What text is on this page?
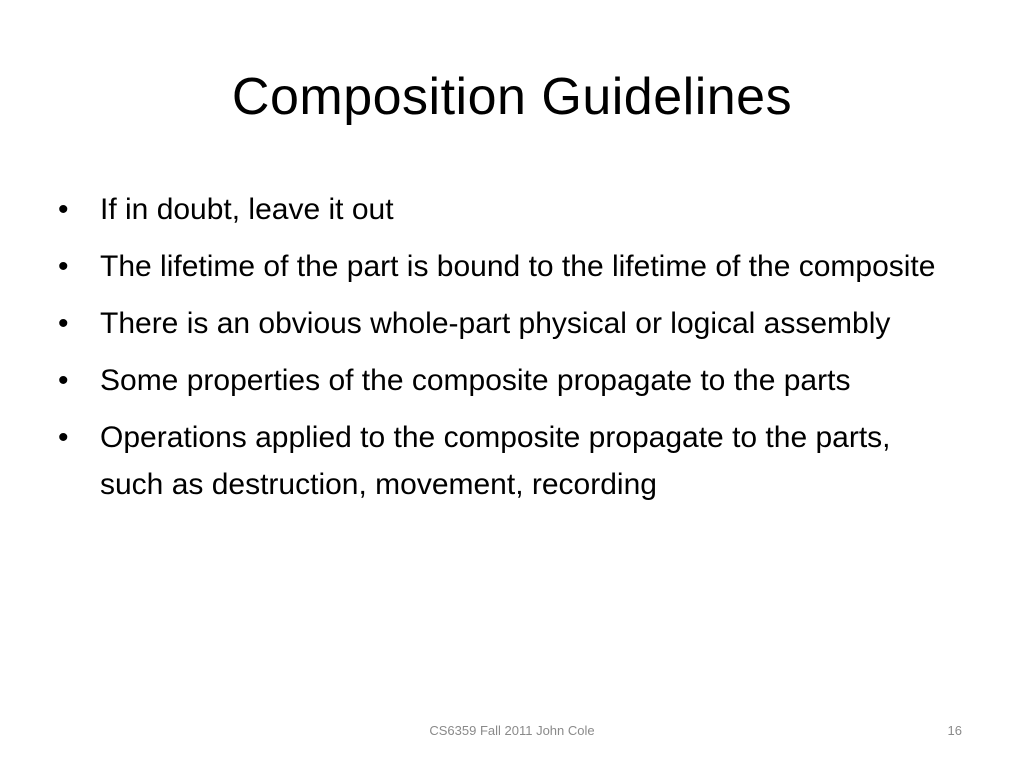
Composition Guidelines
• If in doubt, leave it out
• The lifetime of the part is bound to the lifetime of the composite
• There is an obvious whole-part physical or logical assembly
• Some properties of the composite propagate to the parts
• Operations applied to the composite propagate to the parts, such as destruction, movement, recording
CS6359 Fall 2011 John Cole	16
